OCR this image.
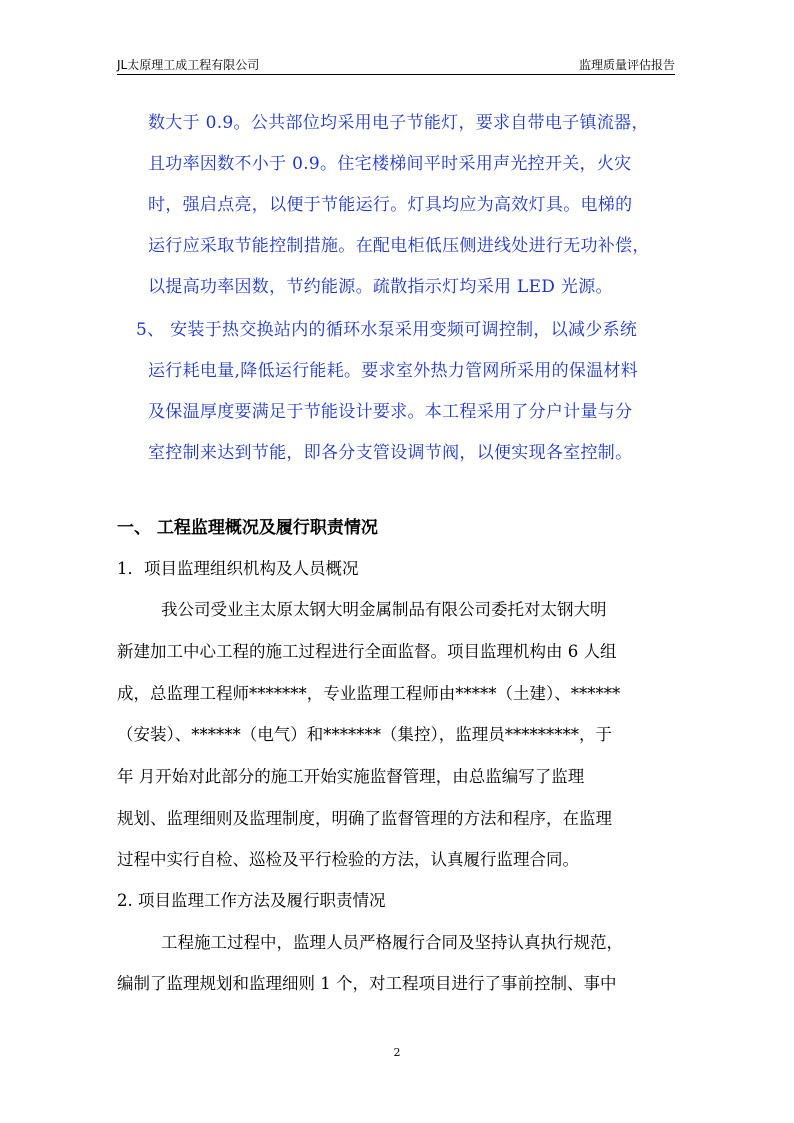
JL太原理工成工程有限公司	监理质量评估报告
数大于 0.9。公共部位均采用电子节能灯，要求自带电子镇流器，
且功率因数不小于 0.9。住宅楼梯间平时采用声光控开关，火灾
时，强启点亮，以便于节能运行。灯具均应为高效灯具。电梯的
运行应采取节能控制措施。在配电柜低压侧进线处进行无功补偿，
以提高功率因数，节约能源。疏散指示灯均采用 LED 光源。
5、 安装于热交换站内的循环水泵采用变频可调控制，以减少系统
运行耗电量,降低运行能耗。要求室外热力管网所采用的保温材料
及保温厚度要满足于节能设计要求。本工程采用了分户计量与分
室控制来达到节能，即各分支管设调节阀，以便实现各室控制。
一、 工程监理概况及履行职责情况
1．项目监理组织机构及人员概况
我公司受业主太原太钢大明金属制品有限公司委托对太钢大明
新建加工中心工程的施工过程进行全面监督。项目监理机构由 6 人组
成，总监理工程师*******，专业监理工程师由*****（土建）、******
（安装）、******（电气）和*******（集控），监理员*********，于
年 月开始对此部分的施工开始实施监督管理，由总监编写了监理
规划、监理细则及监理制度，明确了监督管理的方法和程序，在监理
过程中实行自检、巡检及平行检验的方法，认真履行监理合同。
2. 项目监理工作方法及履行职责情况
工程施工过程中，监理人员严格履行合同及坚持认真执行规范，
编制了监理规划和监理细则 1 个，对工程项目进行了事前控制、事中
2
